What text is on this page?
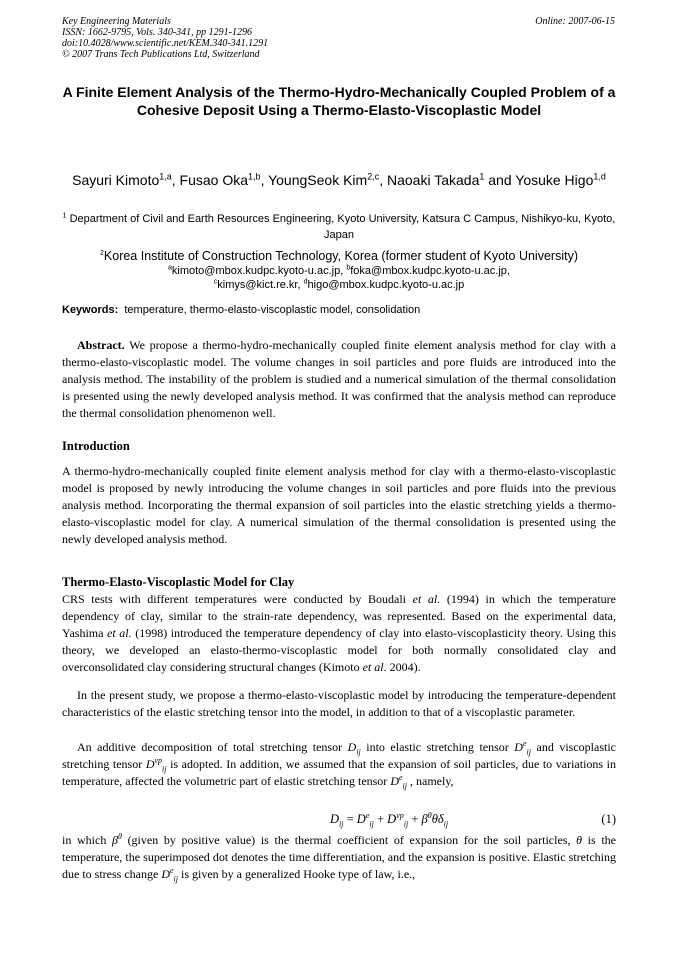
Key Engineering Materials
ISSN: 1662-9795, Vols. 340-341, pp 1291-1296
doi:10.4028/www.scientific.net/KEM.340-341.1291
© 2007 Trans Tech Publications Ltd, Switzerland
Online: 2007-06-15
A Finite Element Analysis of the Thermo-Hydro-Mechanically Coupled Problem of a Cohesive Deposit Using a Thermo-Elasto-Viscoplastic Model
Sayuri Kimoto$^{1,a}$, Fusao Oka$^{1,b}$, YoungSeok Kim$^{2,c}$, Naoaki Takada$^1$ and Yosuke Higo$^{1,d}$
$^1$ Department of Civil and Earth Resources Engineering, Kyoto University, Katsura C Campus, Nishikyo-ku, Kyoto, Japan
$^2$Korea Institute of Construction Technology, Korea (former student of Kyoto University)
$^a$kimoto@mbox.kudpc.kyoto-u.ac.jp, $^b$foka@mbox.kudpc.kyoto-u.ac.jp,
$^c$kimys@kict.re.kr, $^d$higo@mbox.kudpc.kyoto-u.ac.jp
Keywords: temperature, thermo-elasto-viscoplastic model, consolidation
Abstract. We propose a thermo-hydro-mechanically coupled finite element analysis method for clay with a thermo-elasto-viscoplastic model. The volume changes in soil particles and pore fluids are introduced into the analysis method. The instability of the problem is studied and a numerical simulation of the thermal consolidation is presented using the newly developed analysis method. It was confirmed that the analysis method can reproduce the thermal consolidation phenomenon well.
Introduction
A thermo-hydro-mechanically coupled finite element analysis method for clay with a thermo-elasto-viscoplastic model is proposed by newly introducing the volume changes in soil particles and pore fluids into the previous analysis method. Incorporating the thermal expansion of soil particles into the elastic stretching yields a thermo-elasto-viscoplastic model for clay. A numerical simulation of the thermal consolidation is presented using the newly developed analysis method.
Thermo-Elasto-Viscoplastic Model for Clay
CRS tests with different temperatures were conducted by Boudali et al. (1994) in which the temperature dependency of clay, similar to the strain-rate dependency, was represented. Based on the experimental data, Yashima et al. (1998) introduced the temperature dependency of clay into elasto-viscoplasticity theory. Using this theory, we developed an elasto-thermo-viscoplastic model for both normally consolidated clay and overconsolidated clay considering structural changes (Kimoto et al. 2004).
In the present study, we propose a thermo-elasto-viscoplastic model by introducing the temperature-dependent characteristics of the elastic stretching tensor into the model, in addition to that of a viscoplastic parameter.
An additive decomposition of total stretching tensor $D_{ij}$ into elastic stretching tensor $D^e_{ij}$ and viscoplastic stretching tensor $D^{vp}_{ij}$ is adopted. In addition, we assumed that the expansion of soil particles, due to variations in temperature, affected the volumetric part of elastic stretching tensor $D^e_{ij}$ , namely,
$D_{ij} = D^e_{ij} + D^{vp}_{ij}$ + $\beta^\theta\thetȧ\delta_{ij}$	(1)
in which $\beta^\theta$ (given by positive value) is the thermal coefficient of expansion for the soil particles, θ is the temperature, the superimposed dot denotes the time differentiation, and the expansion is positive. Elastic stretching due to stress change $D^e_{ij}$ is given by a generalized Hooke type of law, i.e.,
